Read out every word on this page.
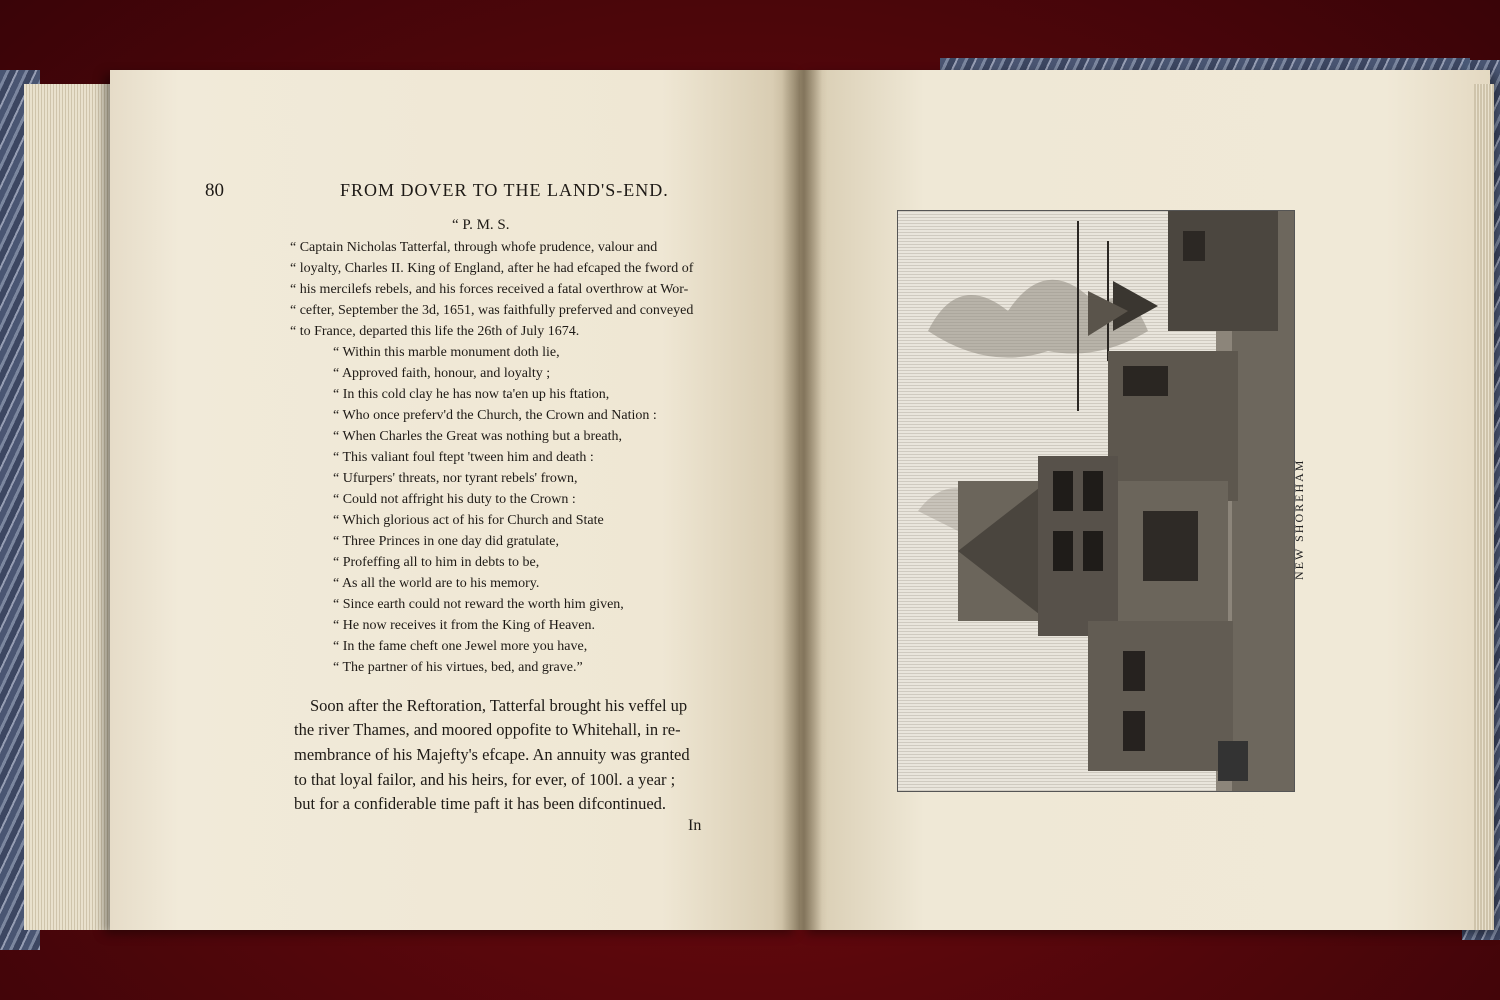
80	FROM DOVER TO THE LAND'S-END.
“ P. M. S.
“ Captain Nicholas Tatterfal, through whofe prudence, valour and
“ loyalty, Charles II. King of England, after he had efcaped the fword of
“ his mercilefs rebels, and his forces received a fatal overthrow at Wor-
“ cefter, September the 3d, 1651, was faithfully preferved and conveyed
“ to France, departed this life the 26th of July 1674.
“ Within this marble monument doth lie,
“ Approved faith, honour, and loyalty ;
“ In this cold clay he has now ta'en up his ftation,
“ Who once preferv'd the Church, the Crown and Nation :
“ When Charles the Great was nothing but a breath,
“ This valiant foul ftept 'tween him and death :
“ Ufurpers' threats, nor tyrant rebels' frown,
“ Could not affright his duty to the Crown :
“ Which glorious act of his for Church and State
“ Three Princes in one day did gratulate,
“ Profeffing all to him in debts to be,
“ As all the world are to his memory.
“ Since earth could not reward the worth him given,
“ He now receives it from the King of Heaven.
“ In the fame cheft one Jewel more you have,
“ The partner of his virtues, bed, and grave.”
Soon after the Reftoration, Tatterfal brought his veffel up
the river Thames, and moored oppofite to Whitehall, in re-
membrance of his Majefty's efcape. An annuity was granted
to that loyal failor, and his heirs, for ever, of 100l. a year ;
but for a confiderable time paft it has been difcontinued.
In
NEW SHOREHAM
